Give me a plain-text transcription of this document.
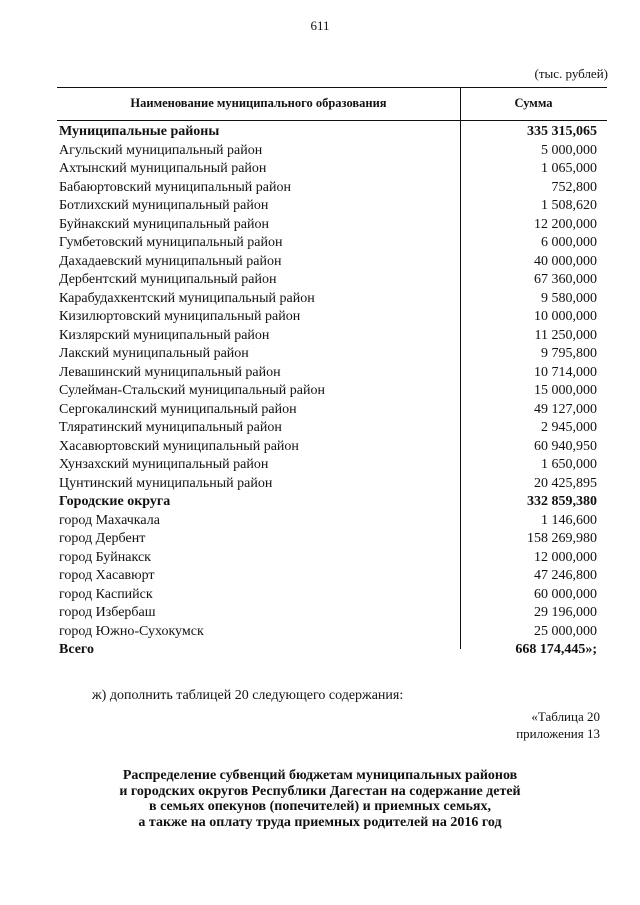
611
(тыс. рублей)
Наименование муниципального образования	Сумма
Муниципальные районы	335 315,065
Агульский муниципальный район	5 000,000
Ахтынский муниципальный район	1 065,000
Бабаюртовский муниципальный район	752,800
Ботлихский муниципальный район	1 508,620
Буйнакский муниципальный район	12 200,000
Гумбетовский муниципальный район	6 000,000
Дахадаевский муниципальный район	40 000,000
Дербентский муниципальный район	67 360,000
Карабудахкентский муниципальный район	9 580,000
Кизилюртовский муниципальный район	10 000,000
Кизлярский муниципальный район	11 250,000
Лакский муниципальный район	9 795,800
Левашинский муниципальный район	10 714,000
Сулейман-Стальский муниципальный район	15 000,000
Сергокалинский муниципальный район	49 127,000
Тляратинский муниципальный район	2 945,000
Хасавюртовский муниципальный район	60 940,950
Хунзахский муниципальный район	1 650,000
Цунтинский муниципальный район	20 425,895
Городские округа	332 859,380
город Махачкала	1 146,600
город Дербент	158 269,980
город Буйнакск	12 000,000
город Хасавюрт	47 246,800
город Каспийск	60 000,000
город Избербаш	29 196,000
город Южно-Сухокумск	25 000,000
Всего	668 174,445»;
ж) дополнить таблицей 20 следующего содержания:
«Таблица 20
приложения 13
Распределение субвенций бюджетам муниципальных районов
и городских округов Республики Дагестан на содержание детей
в семьях опекунов (попечителей) и приемных семьях,
а также на оплату труда приемных родителей на 2016 год
